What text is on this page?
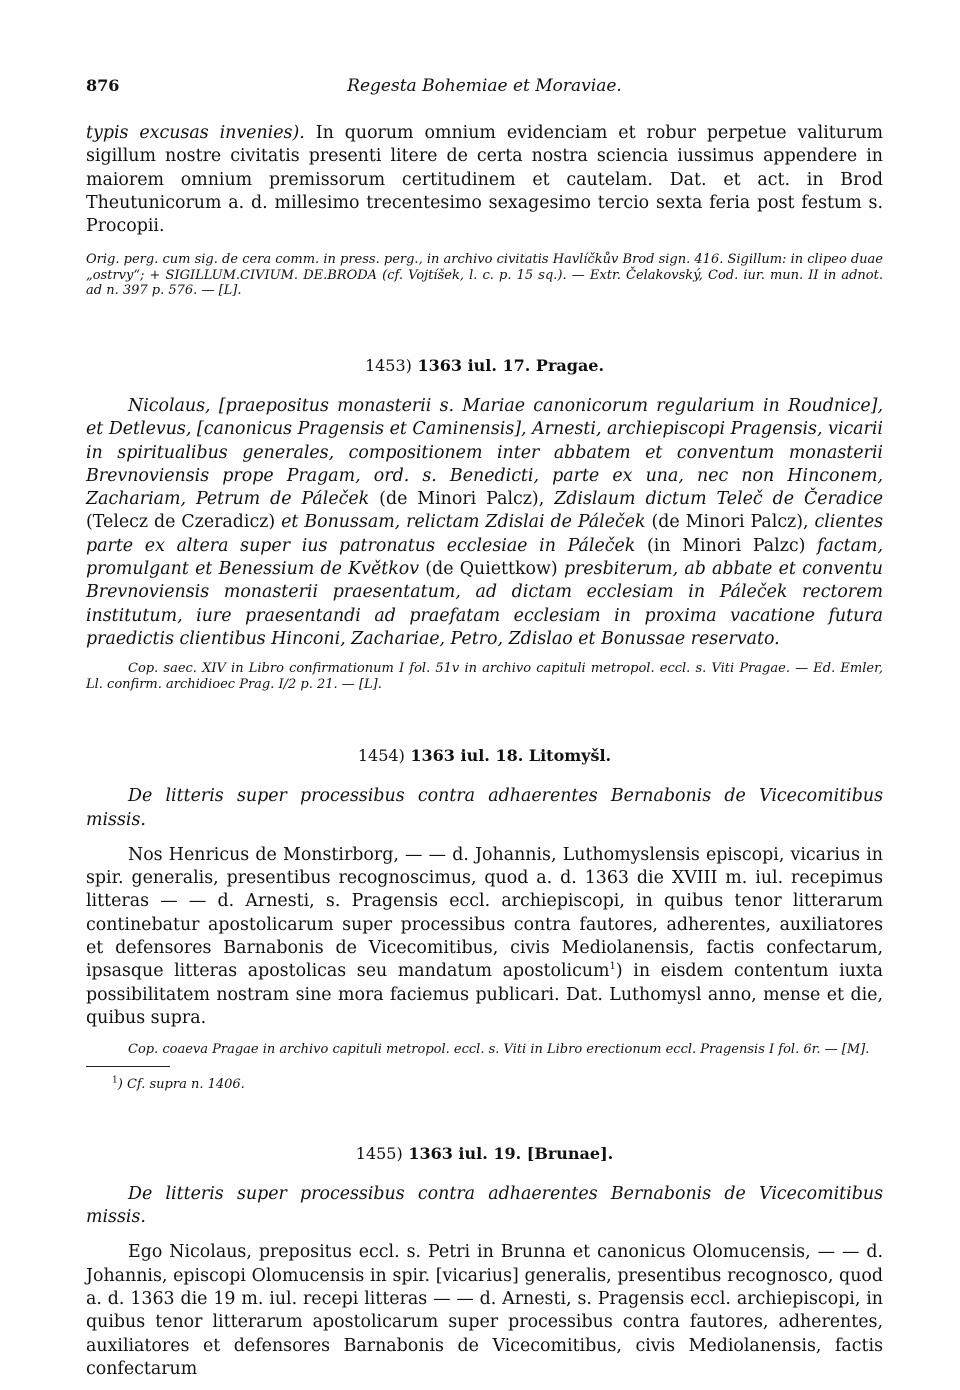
876	Regesta Bohemiae et Moraviae.

typis excusas invenies). In quorum omnium evidenciam et robur perpetue valiturum sigillum nostre civitatis presenti litere de certa nostra sciencia iussimus appendere in maiorem omnium premissorum certitudinem et cautelam. Dat. et act. in Brod Theutunicorum a. d. millesimo trecentesimo sexagesimo tercio sexta feria post festum s. Procopii.

Orig. perg. cum sig. de cera comm. in press. perg., in archivo civitatis Havlíčkův Brod sign. 416. Sigillum: in clipeo duae „ostrvy“; + SIGILLUM.CIVIUM. DE.BRODA (cf. Vojtíšek, l. c. p. 15 sq.). — Extr. Čelakovský, Cod. iur. mun. II in adnot. ad n. 397 p. 576. — [L].

1453) 1363 iul. 17. Pragae.

Nicolaus, [praepositus monasterii s. Mariae canonicorum regularium in Roudnice], et Detlevus, [canonicus Pragensis et Caminensis], Arnesti, archiepiscopi Pragensis, vicarii in spiritualibus generales, compositionem inter abbatem et conventum monasterii Brevnoviensis prope Pragam, ord. s. Benedicti, parte ex una, nec non Hinconem, Zachariam, Petrum de Páleček (de Minori Palcz), Zdislaum dictum Teleč de Čeradice (Telecz de Czeradicz) et Bonussam, relictam Zdislai de Páleček (de Minori Palcz), clientes parte ex altera super ius patronatus ecclesiae in Páleček (in Minori Palzc) factam, promulgant et Benessium de Květkov (de Quiettkow) presbiterum, ab abbate et conventu Brevnoviensis monasterii praesentatum, ad dictam ecclesiam in Páleček rectorem institutum, iure praesentandi ad praefatam ecclesiam in proxima vacatione futura praedictis clientibus Hinconi, Zachariae, Petro, Zdislao et Bonussae reservato.

Cop. saec. XIV in Libro confirmationum I fol. 51v in archivo capituli metropol. eccl. s. Viti Pragae. — Ed. Emler, Ll. confirm. archidioec Prag. I/2 p. 21. — [L].

1454) 1363 iul. 18. Litomyšl.

De litteris super processibus contra adhaerentes Bernabonis de Vicecomitibus missis.

Nos Henricus de Monstirborg, — — d. Johannis, Luthomyslensis episcopi, vicarius in spir. generalis, presentibus recognoscimus, quod a. d. 1363 die XVIII m. iul. recepimus litteras — — d. Arnesti, s. Pragensis eccl. archiepiscopi, in quibus tenor litterarum continebatur apostolicarum super processibus contra fautores, adherentes, auxiliatores et defensores Barnabonis de Vicecomitibus, civis Mediolanensis, factis confectarum, ipsasque litteras apostolicas seu mandatum apostolicum$^1$) in eisdem contentum iuxta possibilitatem nostram sine mora faciemus publicari. Dat. Luthomysl anno, mense et die, quibus supra.

Cop. coaeva Pragae in archivo capituli metropol. eccl. s. Viti in Libro erectionum eccl. Pragensis I fol. 6r. — [M].

$^1$) Cf. supra n. 1406.

1455) 1363 iul. 19. [Brunae].

De litteris super processibus contra adhaerentes Bernabonis de Vicecomitibus missis.

Ego Nicolaus, prepositus eccl. s. Petri in Brunna et canonicus Olomucensis, — — d. Johannis, episcopi Olomucensis in spir. [vicarius] generalis, presentibus recognosco, quod a. d. 1363 die 19 m. iul. recepi litteras — — d. Arnesti, s. Pragensis eccl. archiepiscopi, in quibus tenor litterarum apostolicarum super processibus contra fautores, adherentes, auxiliatores et defensores Barnabonis de Vicecomitibus, civis Mediolanensis, factis confectarum
